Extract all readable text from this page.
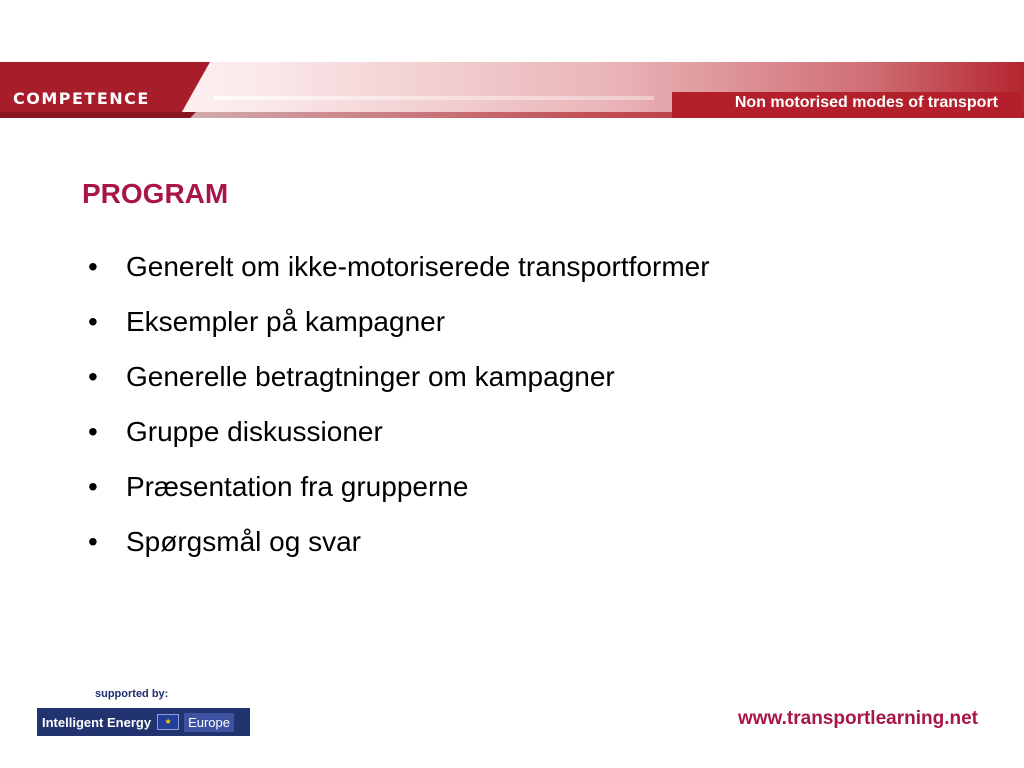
COMPETENCE	Non motorised modes of transport
PROGRAM
•	Generelt om ikke-motoriserede transportformer
•	Eksempler på kampagner
•	Generelle betragtninger om kampagner
•	Gruppe diskussioner
•	Præsentation fra grupperne
•	Spørgsmål og svar
supported by:
Intelligent Energy	★	Europe	www.transportlearning.net
